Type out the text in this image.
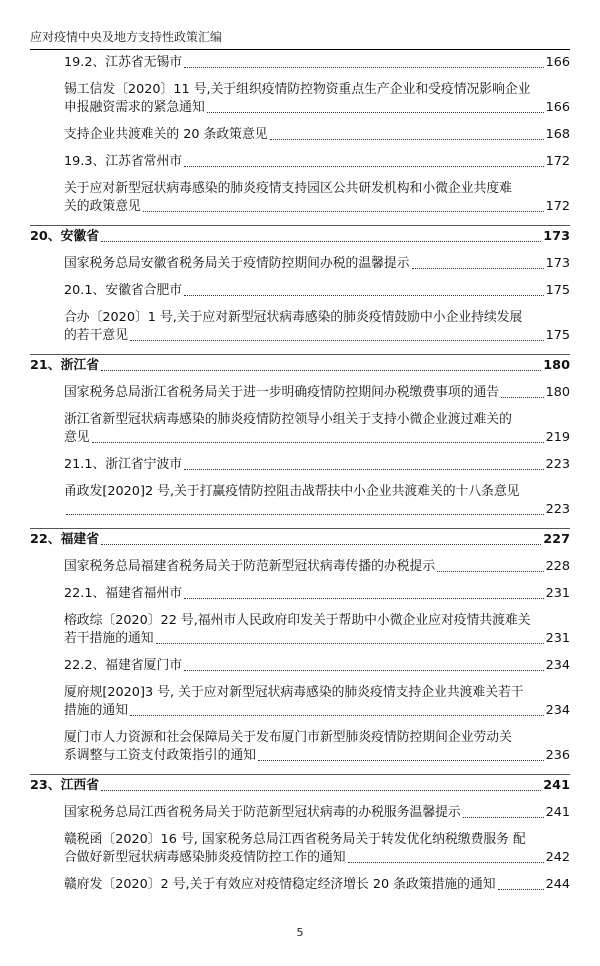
应对疫情中央及地方支持性政策汇编
19.2、江苏省无锡市	166
锡工信发〔2020〕11 号,关于组织疫情防控物资重点生产企业和受疫情况影响企业
申报融资需求的紧急通知	166
支持企业共渡难关的 20 条政策意见	168
19.3、江苏省常州市	172
关于应对新型冠状病毒感染的肺炎疫情支持园区公共研发机构和小微企业共度难
关的政策意见	172
20、安徽省	173
国家税务总局安徽省税务局关于疫情防控期间办税的温馨提示	173
20.1、安徽省合肥市	175
合办〔2020〕1 号,关于应对新型冠状病毒感染的肺炎疫情鼓励中小企业持续发展
的若干意见	175
21、浙江省	180
国家税务总局浙江省税务局关于进一步明确疫情防控期间办税缴费事项的通告	180
浙江省新型冠状病毒感染的肺炎疫情防控领导小组关于支持小微企业渡过难关的
意见	219
21.1、浙江省宁波市	223
甬政发[2020]2 号,关于打赢疫情防控阻击战帮扶中小企业共渡难关的十八条意见
223
22、福建省	227
国家税务总局福建省税务局关于防范新型冠状病毒传播的办税提示	228
22.1、福建省福州市	231
榕政综〔2020〕22 号,福州市人民政府印发关于帮助中小微企业应对疫情共渡难关
若干措施的通知	231
22.2、福建省厦门市	234
厦府规[2020]3 号, 关于应对新型冠状病毒感染的肺炎疫情支持企业共渡难关若干
措施的通知	234
厦门市人力资源和社会保障局关于发布厦门市新型肺炎疫情防控期间企业劳动关
系调整与工资支付政策指引的通知	236
23、江西省	241
国家税务总局江西省税务局关于防范新型冠状病毒的办税服务温馨提示	241
赣税函〔2020〕16 号, 国家税务总局江西省税务局关于转发优化纳税缴费服务 配
合做好新型冠状病毒感染肺炎疫情防控工作的通知	242
赣府发〔2020〕2 号,关于有效应对疫情稳定经济增长 20 条政策措施的通知	244
5
